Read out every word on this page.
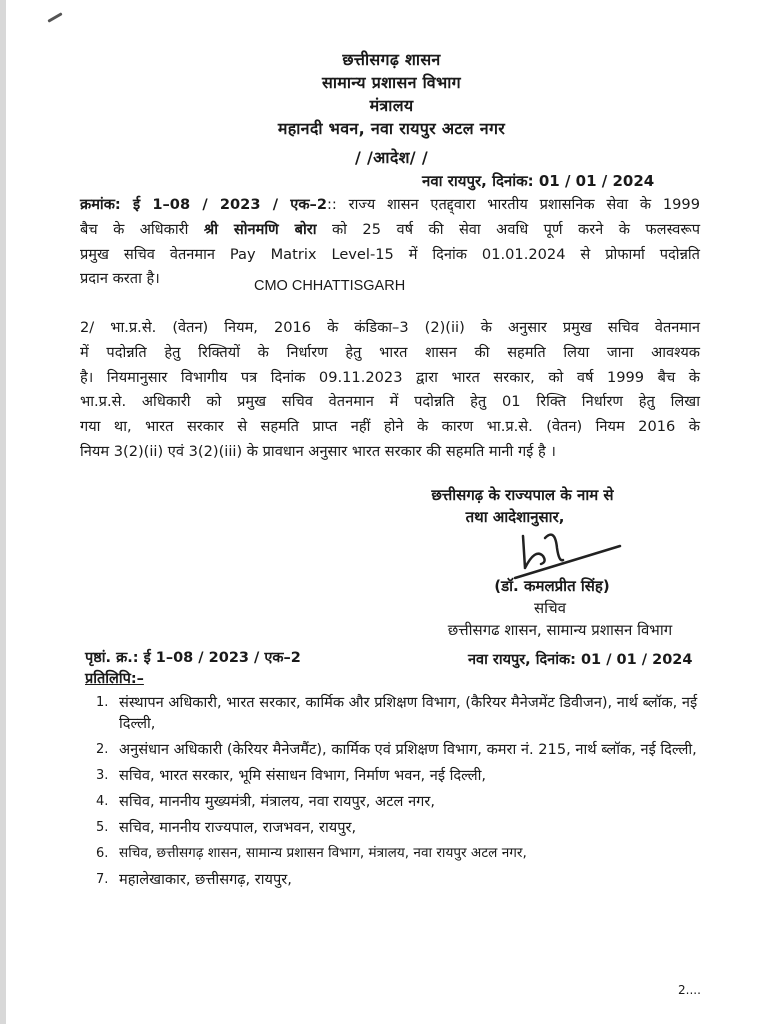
छत्तीसगढ़ शासन
सामान्य प्रशासन विभाग
मंत्रालय
महानदी भवन, नवा रायपुर अटल नगर
/ /आदेश/ /
नवा रायपुर, दिनांक: 01 / 01 / 2024
क्रमांक: ई 1–08 / 2023 / एक–2:: राज्य शासन एतद्द्वारा भारतीय प्रशासनिक सेवा के 1999
बैच के अधिकारी श्री सोनमणि बोरा को 25 वर्ष की सेवा अवधि पूर्ण करने के फलस्वरूप
प्रमुख सचिव वेतनमान Pay Matrix Level-15 में दिनांक 01.01.2024 से प्रोफार्मा पदोन्नति
प्रदान करता है।	CMO CHHATTISGARH
2/ भा.प्र.से. (वेतन) नियम, 2016 के कंडिका–3 (2)(ii) के अनुसार प्रमुख सचिव वेतनमान
में पदोन्नति हेतु रिक्तियों के निर्धारण हेतु भारत शासन की सहमति लिया जाना आवश्यक
है। नियमानुसार विभागीय पत्र दिनांक 09.11.2023 द्वारा भारत सरकार, को वर्ष 1999 बैच के
भा.प्र.से. अधिकारी को प्रमुख सचिव वेतनमान में पदोन्नति हेतु 01 रिक्ति निर्धारण हेतु लिखा
गया था, भारत सरकार से सहमति प्राप्त नहीं होने के कारण भा.प्र.से. (वेतन) नियम 2016 के
नियम 3(2)(ii) एवं 3(2)(iii) के प्रावधान अनुसार भारत सरकार की सहमति मानी गई है ।
छत्तीसगढ़ के राज्यपाल के नाम से
तथा आदेशानुसार,
(डॉ. कमलप्रीत सिंह)
सचिव
छत्तीसगढ शासन, सामान्य प्रशासन विभाग
पृष्ठां. क्र.: ई 1–08 / 2023 / एक–2	नवा रायपुर, दिनांक: 01 / 01 / 2024
प्रतिलिपि:–
1. संस्थापन अधिकारी, भारत सरकार, कार्मिक और प्रशिक्षण विभाग, (कैरियर मैनेजमेंट डिवीजन), नार्थ ब्लॉक, नई दिल्ली,
2. अनुसंधान अधिकारी (केरियर मैनेजमैंट), कार्मिक एवं प्रशिक्षण विभाग, कमरा नं. 215, नार्थ ब्लॉक, नई दिल्ली,
3. सचिव, भारत सरकार, भूमि संसाधन विभाग, निर्माण भवन, नई दिल्ली,
4. सचिव, माननीय मुख्यमंत्री, मंत्रालय, नवा रायपुर, अटल नगर,
5. सचिव, माननीय राज्यपाल, राजभवन, रायपुर,
6. सचिव, छत्तीसगढ़ शासन, सामान्य प्रशासन विभाग, मंत्रालय, नवा रायपुर अटल नगर,
7. महालेखाकार, छत्तीसगढ़, रायपुर,
2....
